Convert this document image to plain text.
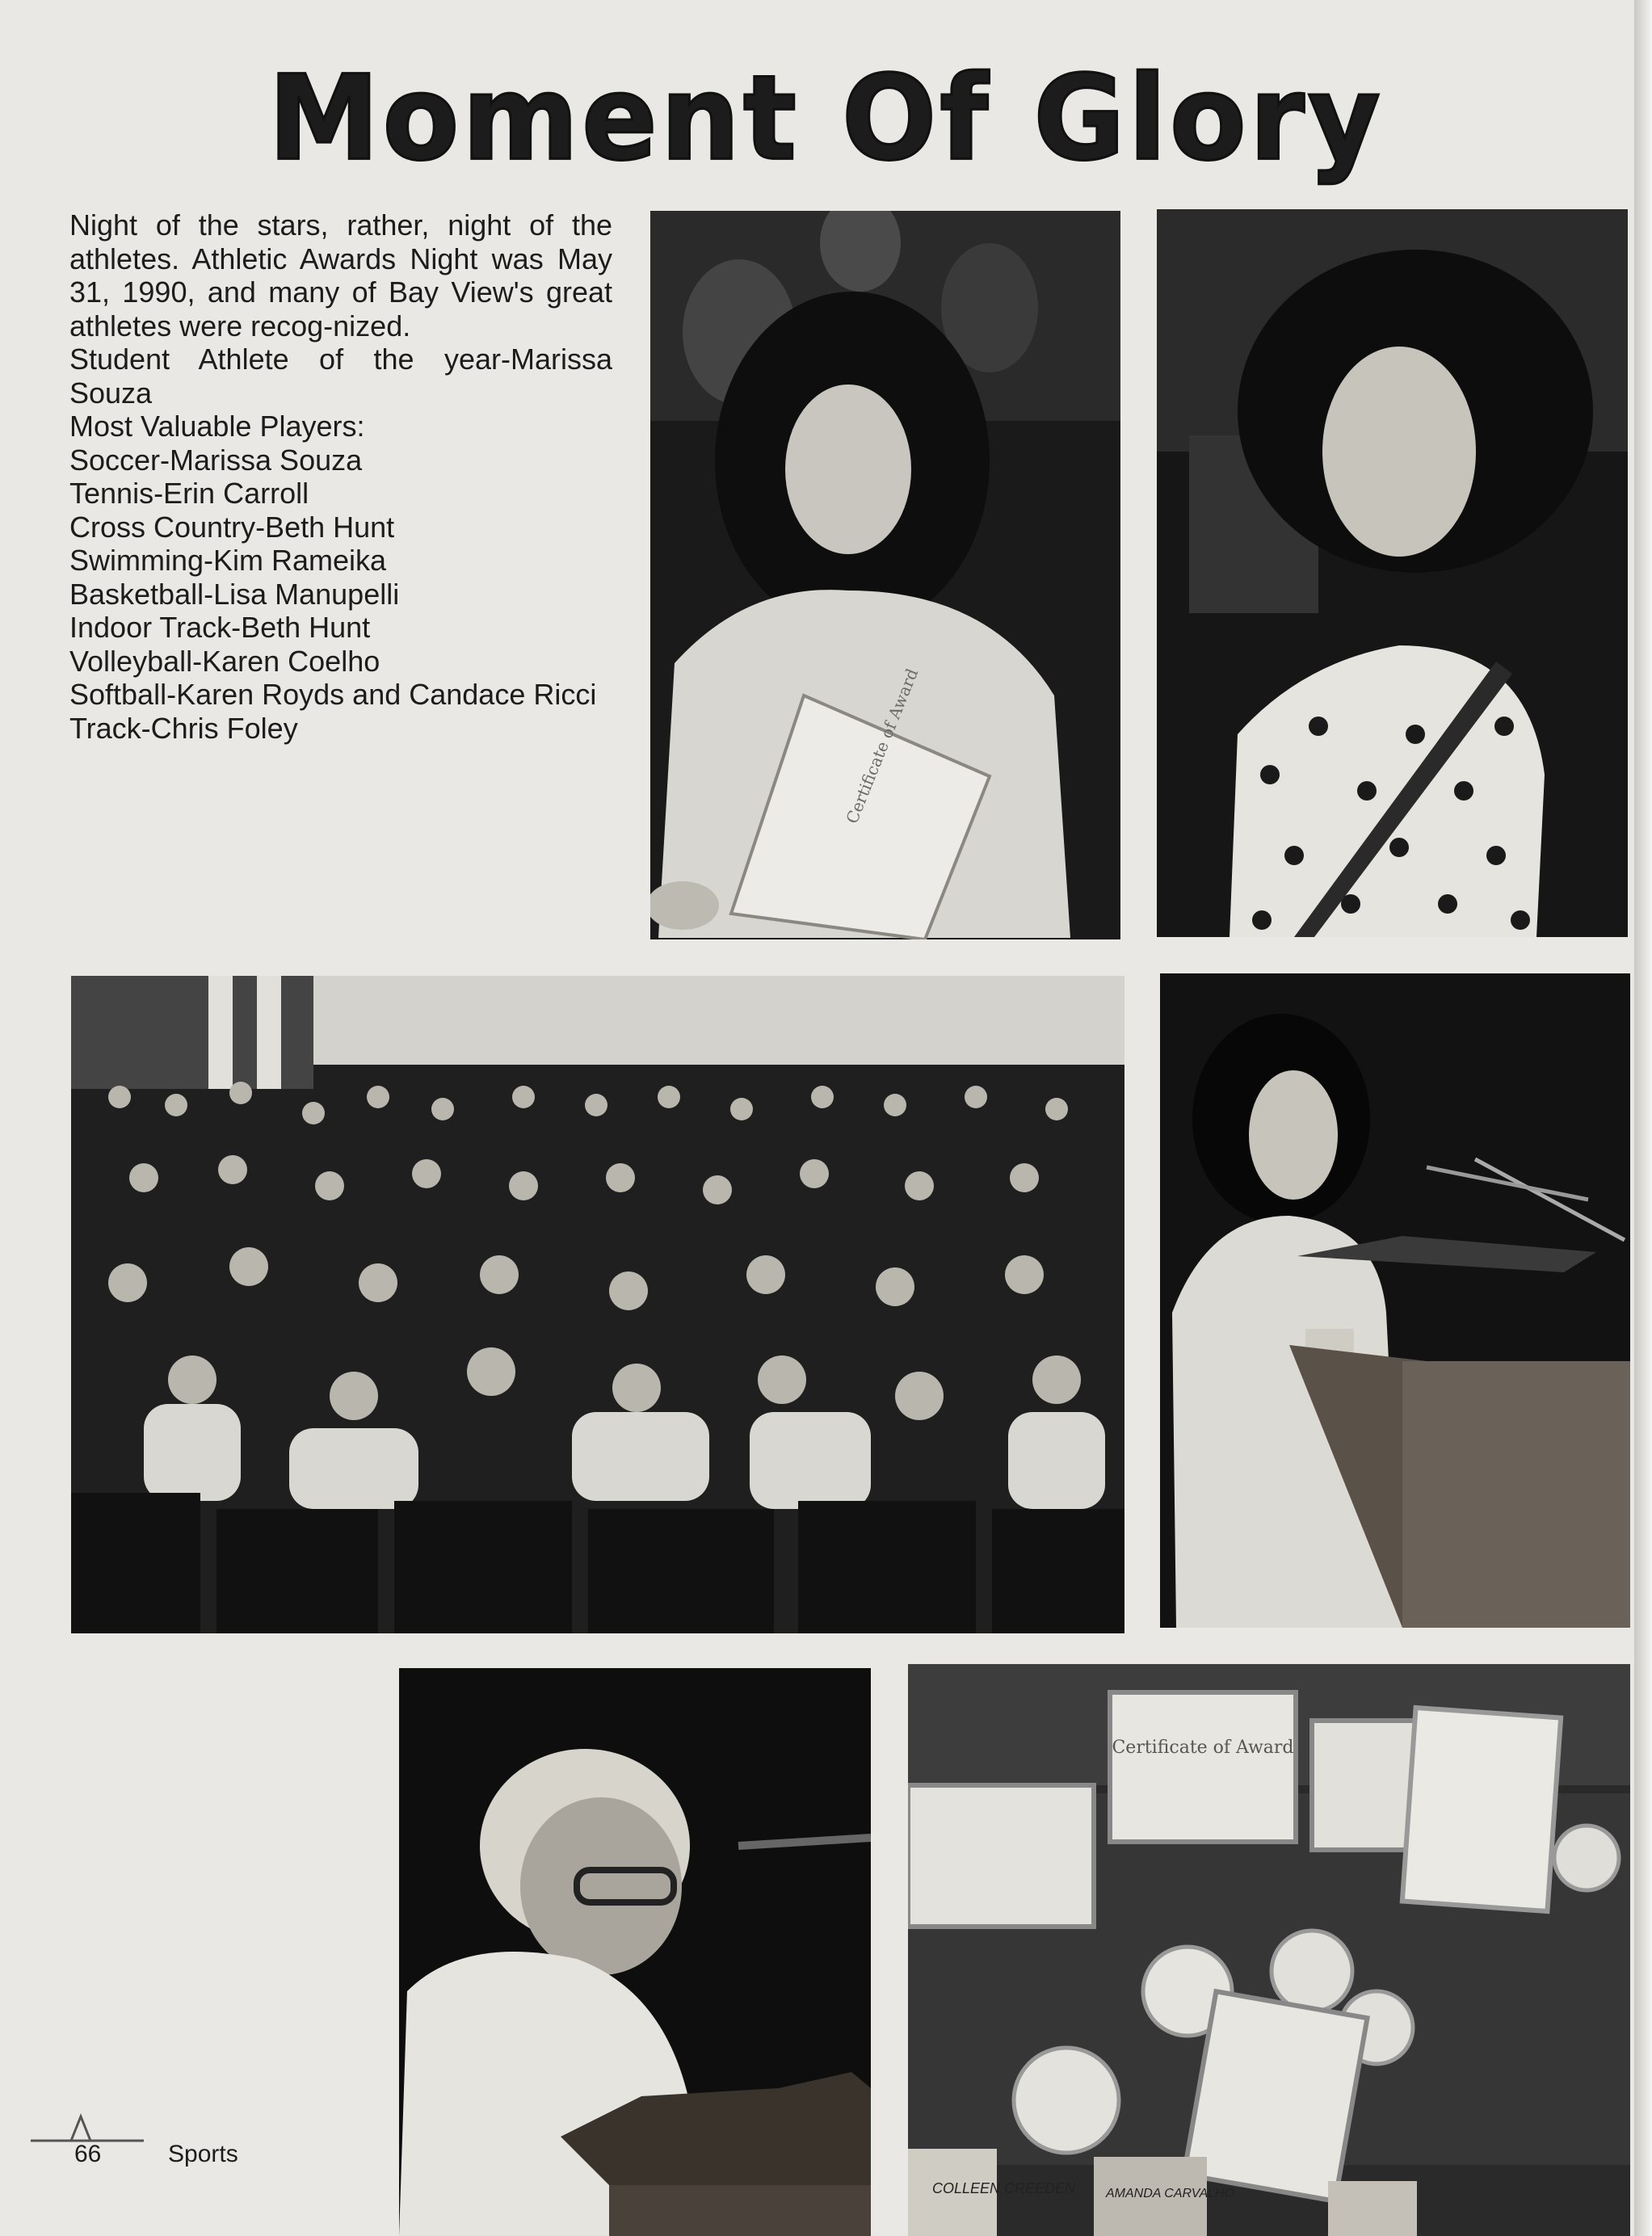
Moment Of Glory

Night of the stars, rather, night of the athletes. Athletic Awards Night was May 31, 1990, and many of Bay View's great athletes were recog-nized.

Student Athlete of the year-Marissa Souza

Most Valuable Players:

Soccer-Marissa Souza

Tennis-Erin Carroll

Cross Country-Beth Hunt

Swimming-Kim Rameika

Basketball-Lisa Manupelli

Indoor Track-Beth Hunt

Volleyball-Karen Coelho

Softball-Karen Royds and Candace Ricci

Track-Chris Foley	Certificate of Award
Certificate of Award
COLLEEN CREEDEN AMANDA CARVALHO
66	Sports
